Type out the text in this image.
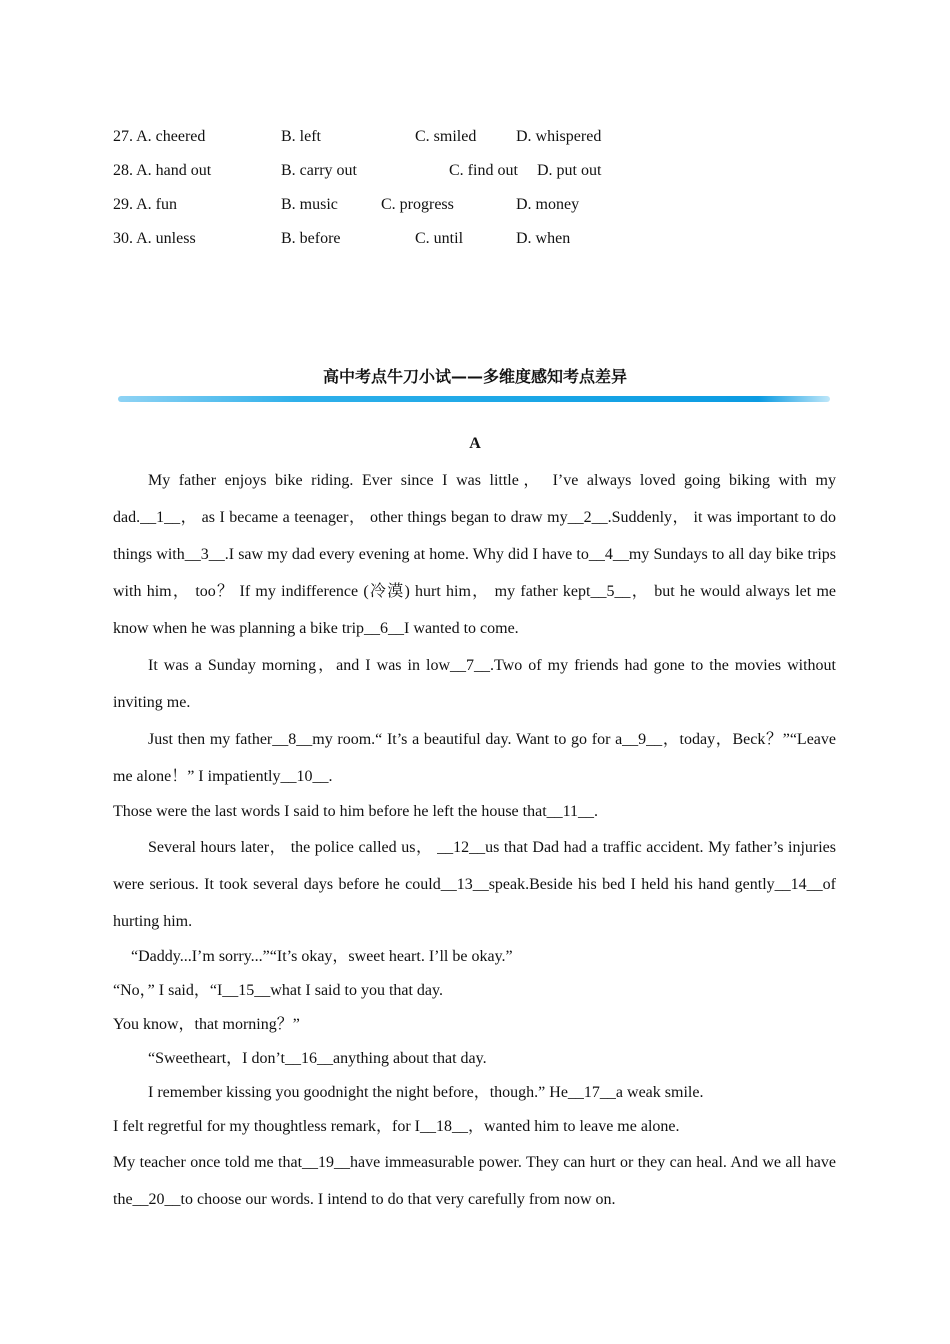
27. A. cheered	B. left	C. smiled D. whispered
28. A. hand out	B. carry out	C. find out D. put out
29. A. fun	B. music	C. progress	D. money
30. A. unless	B. before	C. until	D. when
高中考点牛刀小试——多维度感知考点差异
A

My father enjoys bike riding. Ever since I was little， I’ve always loved going biking with my dad.__1__， as I became a teenager， other things began to draw my__2__.Suddenly， it was important to do things with__3__.I saw my dad every evening at home. Why did I have to__4__my Sundays to all day bike trips with him， too？ If my indifference (冷漠) hurt him， my father kept__5__， but he would always let me know when he was planning a bike trip__6__I wanted to come.

It was a Sunday morning，and I was in low__7__.Two of my friends had gone to the movies without inviting me.

Just then my father__8__my room.“ It’s a beautiful day. Want to go for a__9__，today，Beck？”“Leave me alone！” I impatiently__10__.

Those were the last words I said to him before he left the house that__11__.

Several hours later， the police called us， __12__us that Dad had a traffic accident. My father’s injuries were serious. It took several days before he could__13__speak.Beside his bed I held his hand gently__14__of hurting him.

“Daddy...I’m sorry...”“It’s okay，sweet heart. I’ll be okay.”

“No，” I said，“I__15__what I said to you that day.

You know，that morning？”

“Sweetheart，I don’t__16__anything about that day.

I remember kissing you goodnight the night before，though.” He__17__a weak smile.

I felt regretful for my thoughtless remark，for I__18__，wanted him to leave me alone.

My teacher once told me that__19__have immeasurable power. They can hurt or they can heal. And we all have the__20__to choose our words. I intend to do that very carefully from now on.
